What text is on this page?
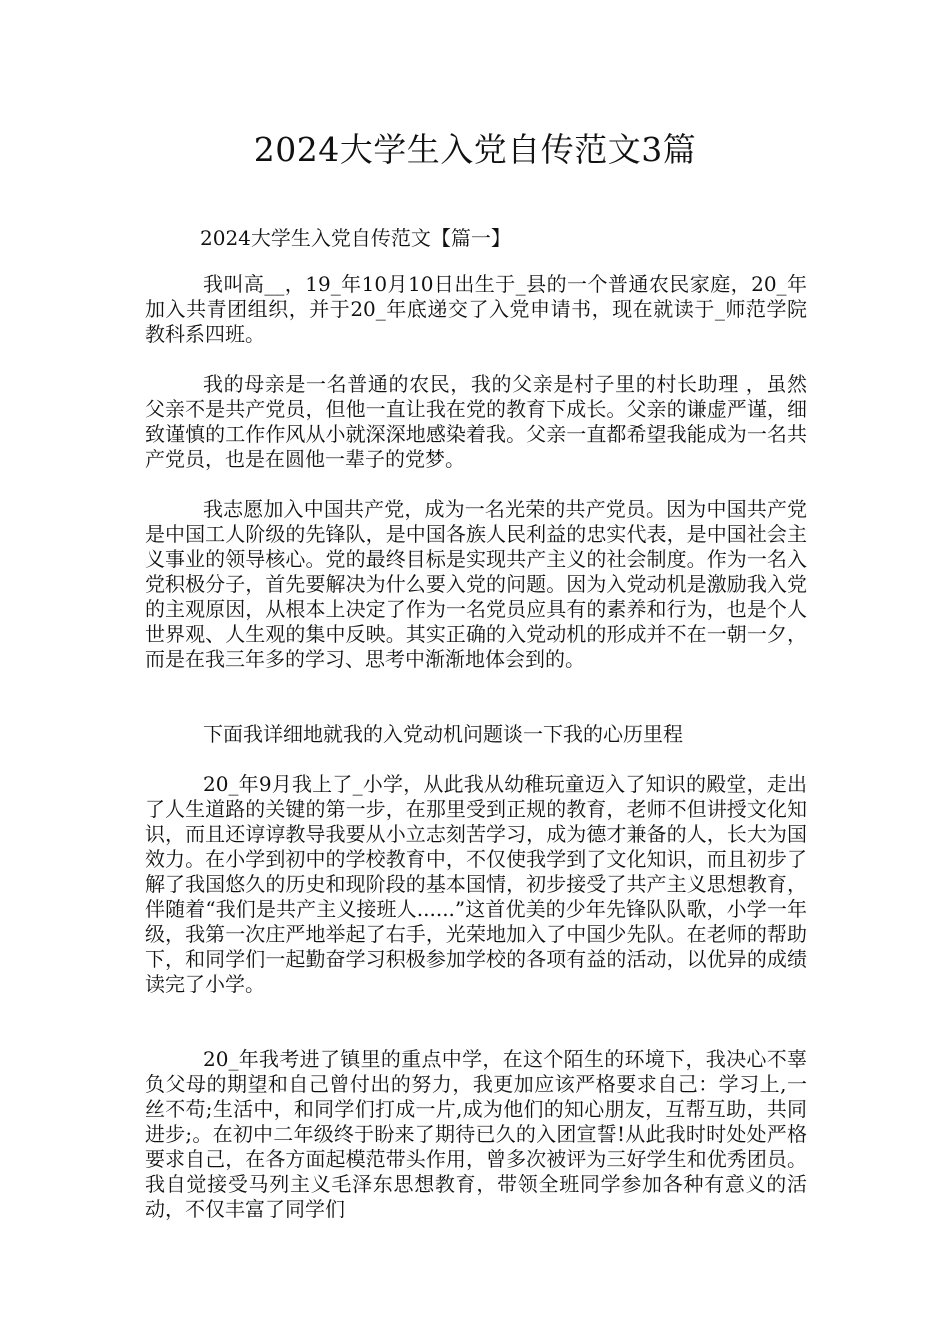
2024大学生入党自传范文3篇

2024大学生入党自传范文【篇一】

我叫高__，19_年10月10日出生于_县的一个普通农民家庭，20_年加入共青团组织，并于20_年底递交了入党申请书，现在就读于_师范学院教科系四班。

我的母亲是一名普通的农民，我的父亲是村子里的村长助理 ，虽然父亲不是共产党员，但他一直让我在党的教育下成长。父亲的谦虚严谨，细致谨慎的工作作风从小就深深地感染着我。父亲一直都希望我能成为一名共产党员，也是在圆他一辈子的党梦。

我志愿加入中国共产党，成为一名光荣的共产党员。因为中国共产党是中国工人阶级的先锋队，是中国各族人民利益的忠实代表，是中国社会主义事业的领导核心。党的最终目标是实现共产主义的社会制度。作为一名入党积极分子，首先要解决为什么要入党的问题。因为入党动机是激励我入党的主观原因，从根本上决定了作为一名党员应具有的素养和行为，也是个人世界观、人生观的集中反映。其实正确的入党动机的形成并不在一朝一夕，而是在我三年多的学习、思考中渐渐地体会到的。

下面我详细地就我的入党动机问题谈一下我的心历里程

20_年9月我上了_小学，从此我从幼稚玩童迈入了知识的殿堂，走出了人生道路的关键的第一步，在那里受到正规的教育，老师不但讲授文化知识，而且还谆谆教导我要从小立志刻苦学习，成为德才兼备的人，长大为国效力。在小学到初中的学校教育中，不仅使我学到了文化知识，而且初步了解了我国悠久的历史和现阶段的基本国情，初步接受了共产主义思想教育，伴随着“我们是共产主义接班人......”这首优美的少年先锋队队歌，小学一年级，我第一次庄严地举起了右手，光荣地加入了中国少先队。在老师的帮助下，和同学们一起勤奋学习积极参加学校的各项有益的活动，以优异的成绩读完了小学。

20_年我考进了镇里的重点中学，在这个陌生的环境下，我决心不辜负父母的期望和自己曾付出的努力，我更加应该严格要求自己：学习上,一丝不苟;生活中，和同学们打成一片,成为他们的知心朋友，互帮互助，共同进步;。在初中二年级终于盼来了期待已久的入团宣誓!从此我时时处处严格要求自己，在各方面起模范带头作用，曾多次被评为三好学生和优秀团员。我自觉接受马列主义毛泽东思想教育，带领全班同学参加各种有意义的活动，不仅丰富了同学们
